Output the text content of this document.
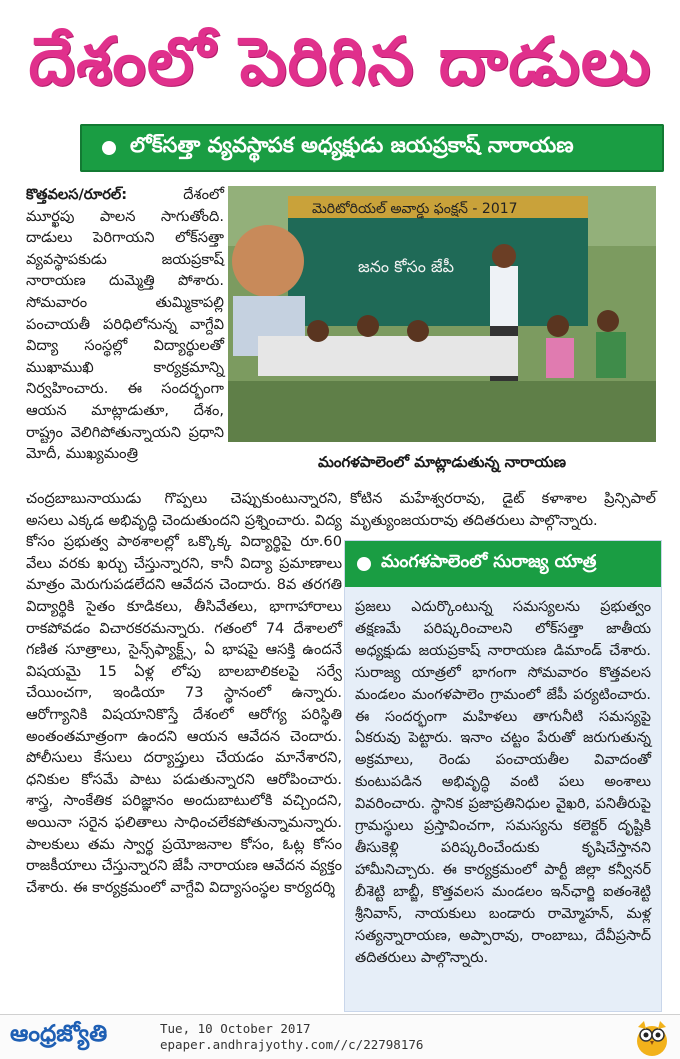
దేశంలో పెరిగిన దాడులు
లోక్‌సత్తా వ్యవస్థాపక అధ్యక్షుడు జయప్రకాష్ నారాయణ
కొత్తవలస/రూరల్: దేశంలో మూర్ఖపు పాలన సాగుతోంది. దాడులు పెరిగాయని లోక్‌సత్తా వ్యవస్థాపకుడు జయప్రకాష్ నారాయణ దుమ్మెత్తి పోశారు. సోమవారం తుమ్మికాపల్లి పంచాయతీ పరిధిలోనున్న వాగ్దేవి విద్యా సంస్థల్లో విద్యార్థులతో ముఖాముఖి కార్యక్రమాన్ని నిర్వహించారు. ఈ సందర్భంగా ఆయన మాట్లాడుతూ, దేశం, రాష్ట్రం వెలిగిపోతున్నాయని ప్రధాని మోదీ, ముఖ్యమంత్రి
మెరిటోరియల్ అవార్డు ఫంక్షన్ - 2017
జనం కోసం జేపీ
మంగళపాలెంలో మాట్లాడుతున్న నారాయణ
చంద్రబాబునాయుడు గొప్పలు చెప్పుకుంటున్నారని, అసలు ఎక్కడ అభివృద్ధి చెందుతుందని ప్రశ్నించారు. విద్య కోసం ప్రభుత్వ పాఠశాలల్లో ఒక్కొక్క విద్యార్థిపై రూ.60 వేలు వరకు ఖర్చు చేస్తున్నారని, కానీ విద్యా ప్రమాణాలు మాత్రం మెరుగుపడలేదని ఆవేదన చెందారు. 8వ తరగతి విద్యార్థికి సైతం కూడికలు, తీసివేతలు, భాగాహారాలు రాకపోవడం విచారకరమన్నారు. గతంలో 74 దేశాలలో గణిత సూత్రాలు, సైన్స్‌ఫ్యాక్ట్స్, ఏ భాషపై ఆసక్తి ఉందనే విషయమై 15 ఏళ్ల లోపు బాలబాలికలపై సర్వే చేయించగా, ఇండియా 73 స్థానంలో ఉన్నారు. ఆరోగ్యానికి విషయానికొస్తే దేశంలో ఆరోగ్య పరిస్థితి అంతంతమాత్రంగా ఉందని ఆయన ఆవేదన చెందారు. పోలీసులు కేసులు దర్యాప్తులు చేయడం మానేశారని, ధనికుల కోసమే పాటు పడుతున్నారని ఆరోపించారు. శాస్త్ర, సాంకేతిక పరిజ్ఞానం అందుబాటులోకి వచ్చిందని, అయినా సరైన ఫలితాలు సాధించలేకపోతున్నామన్నారు. పాలకులు తమ స్వార్థ ప్రయోజనాల కోసం, ఓట్ల కోసం రాజకీయాలు చేస్తున్నారని జేపీ నారాయణ ఆవేదన వ్యక్తం చేశారు. ఈ కార్యక్రమంలో వాగ్దేవి విద్యాసంస్థల కార్యదర్శి
కోటిన మహేశ్వరరావు, డైట్ కళాశాల ప్రిన్సిపాల్ మృత్యుంజయరావు తదితరులు పాల్గొన్నారు.
మంగళపాలెంలో సురాజ్య యాత్ర
ప్రజలు ఎదుర్కొంటున్న సమస్యలను ప్రభుత్వం తక్షణమే పరిష్కరించాలని లోక్‌సత్తా జాతీయ అధ్యక్షుడు జయప్రకాష్ నారాయణ డిమాండ్ చేశారు. సురాజ్య యాత్రలో భాగంగా సోమవారం కొత్తవలస మండలం మంగళపాలెం గ్రామంలో జేపీ పర్యటించారు. ఈ సందర్భంగా మహిళలు తాగునీటి సమస్యపై ఏకరువు పెట్టారు. ఇనాం చట్టం పేరుతో జరుగుతున్న అక్రమాలు, రెండు పంచాయతీల వివాదంతో కుంటుపడిన అభివృద్ధి వంటి పలు అంశాలు వివరించారు. స్థానిక ప్రజాప్రతినిధుల వైఖరి, పనితీరుపై గ్రామస్థులు ప్రస్తావించగా, సమస్యను కలెక్టర్ దృష్టికి తీసుకెళ్లి పరిష్కరించేందుకు కృషిచేస్తానని హామీనిచ్చారు. ఈ కార్యక్రమంలో పార్టీ జిల్లా కన్వీనర్ బీశెట్టి బాబ్జీ, కొత్తవలస మండలం ఇన్‌ఛార్జి ఐతంశెట్టి శ్రీనివాస్, నాయకులు బండారు రామ్మోహన్, మళ్ల సత్యన్నారాయణ, అప్పారావు, రాంబాబు, దేవీప్రసాద్ తదితరులు పాల్గొన్నారు.
ఆంధ్రజ్యోతి	Tue, 10 October 2017
epaper.andhrajyothy.com//c/22798176
